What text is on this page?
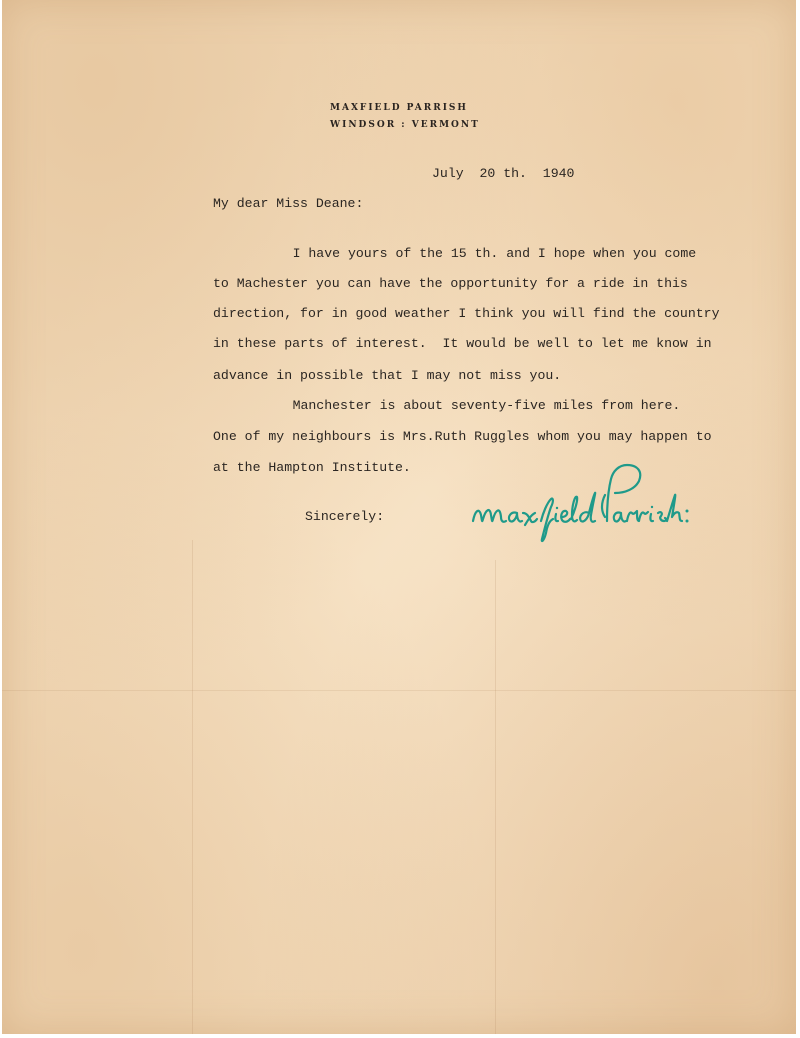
MAXFIELD PARRISH
WINDSOR : VERMONT
July  20 th.  1940
My dear Miss Deane:
I have yours of the 15 th. and I hope when you come
to Machester you can have the opportunity for a ride in this
direction, for in good weather I think you will find the country
in these parts of interest.  It would be well to let me know in
advance in possible that I may not miss you.
Manchester is about seventy-five miles from here.
One of my neighbours is Mrs.Ruth Ruggles whom you may happen to
at the Hampton Institute.
Sincerely:
